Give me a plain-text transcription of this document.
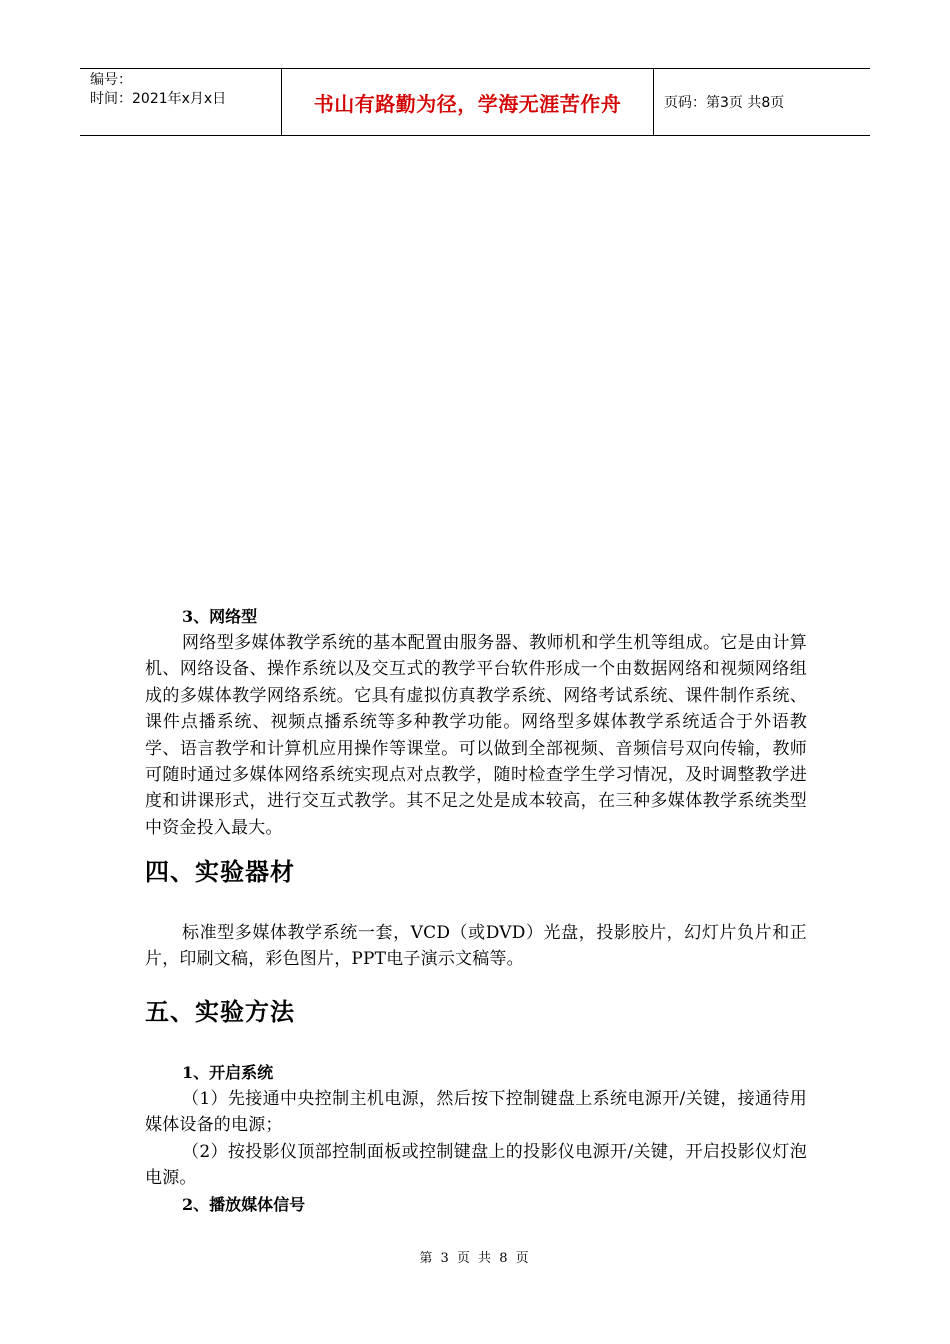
编号：
时间：2021年x月x日	书山有路勤为径，学海无涯苦作舟	页码：第3页 共8页
3、网络型

网络型多媒体教学系统的基本配置由服务器、教师机和学生机等组成。它是由计算机、网络设备、操作系统以及交互式的教学平台软件形成一个由数据网络和视频网络组成的多媒体教学网络系统。它具有虚拟仿真教学系统、网络考试系统、课件制作系统、课件点播系统、视频点播系统等多种教学功能。网络型多媒体教学系统适合于外语教学、语言教学和计算机应用操作等课堂。可以做到全部视频、音频信号双向传输，教师可随时通过多媒体网络系统实现点对点教学，随时检查学生学习情况，及时调整教学进度和讲课形式，进行交互式教学。其不足之处是成本较高，在三种多媒体教学系统类型中资金投入最大。

四、实验器材

标准型多媒体教学系统一套，VCD（或DVD）光盘，投影胶片，幻灯片负片和正片，印刷文稿，彩色图片，PPT电子演示文稿等。

五、实验方法
1、开启系统

（1）先接通中央控制主机电源，然后按下控制键盘上系统电源开/关键，接通待用媒体设备的电源；

（2）按投影仪顶部控制面板或控制键盘上的投影仪电源开/关键，开启投影仪灯泡电源。

2、播放媒体信号
第 3 页 共 8 页
